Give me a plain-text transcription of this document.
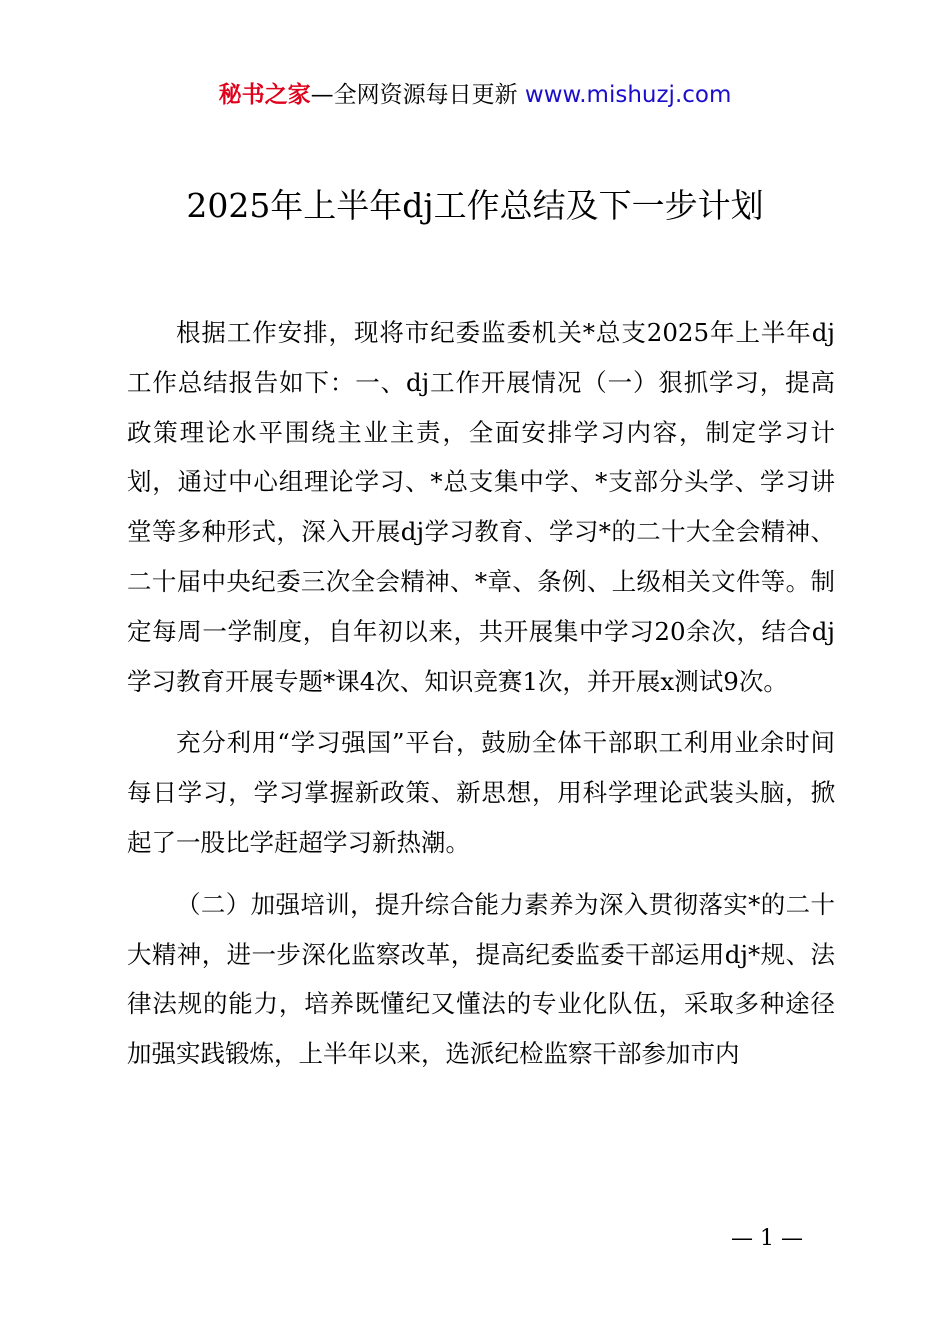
秘书之家—全网资源每日更新 www.mishuzj.com
2025年上半年dj工作总结及下一步计划

根据工作安排，现将市纪委监委机关*总支2025年上半年dj工作总结报告如下：一、dj工作开展情况（一）狠抓学习，提高政策理论水平围绕主业主责，全面安排学习内容，制定学习计划，通过中心组理论学习、*总支集中学、*支部分头学、学习讲堂等多种形式，深入开展dj学习教育、学习*的二十大全会精神、二十届中央纪委三次全会精神、*章、条例、上级相关文件等。制定每周一学制度，自年初以来，共开展集中学习20余次，结合dj学习教育开展专题*课4次、知识竞赛1次，并开展x测试9次。

充分利用“学习强国”平台，鼓励全体干部职工利用业余时间每日学习，学习掌握新政策、新思想，用科学理论武装头脑，掀起了一股比学赶超学习新热潮。

（二）加强培训，提升综合能力素养为深入贯彻落实*的二十大精神，进一步深化监察改革，提高纪委监委干部运用dj*规、法律法规的能力，培养既懂纪又懂法的专业化队伍，采取多种途径加强实践锻炼，上半年以来，选派纪检监察干部参加市内

— 1 —
